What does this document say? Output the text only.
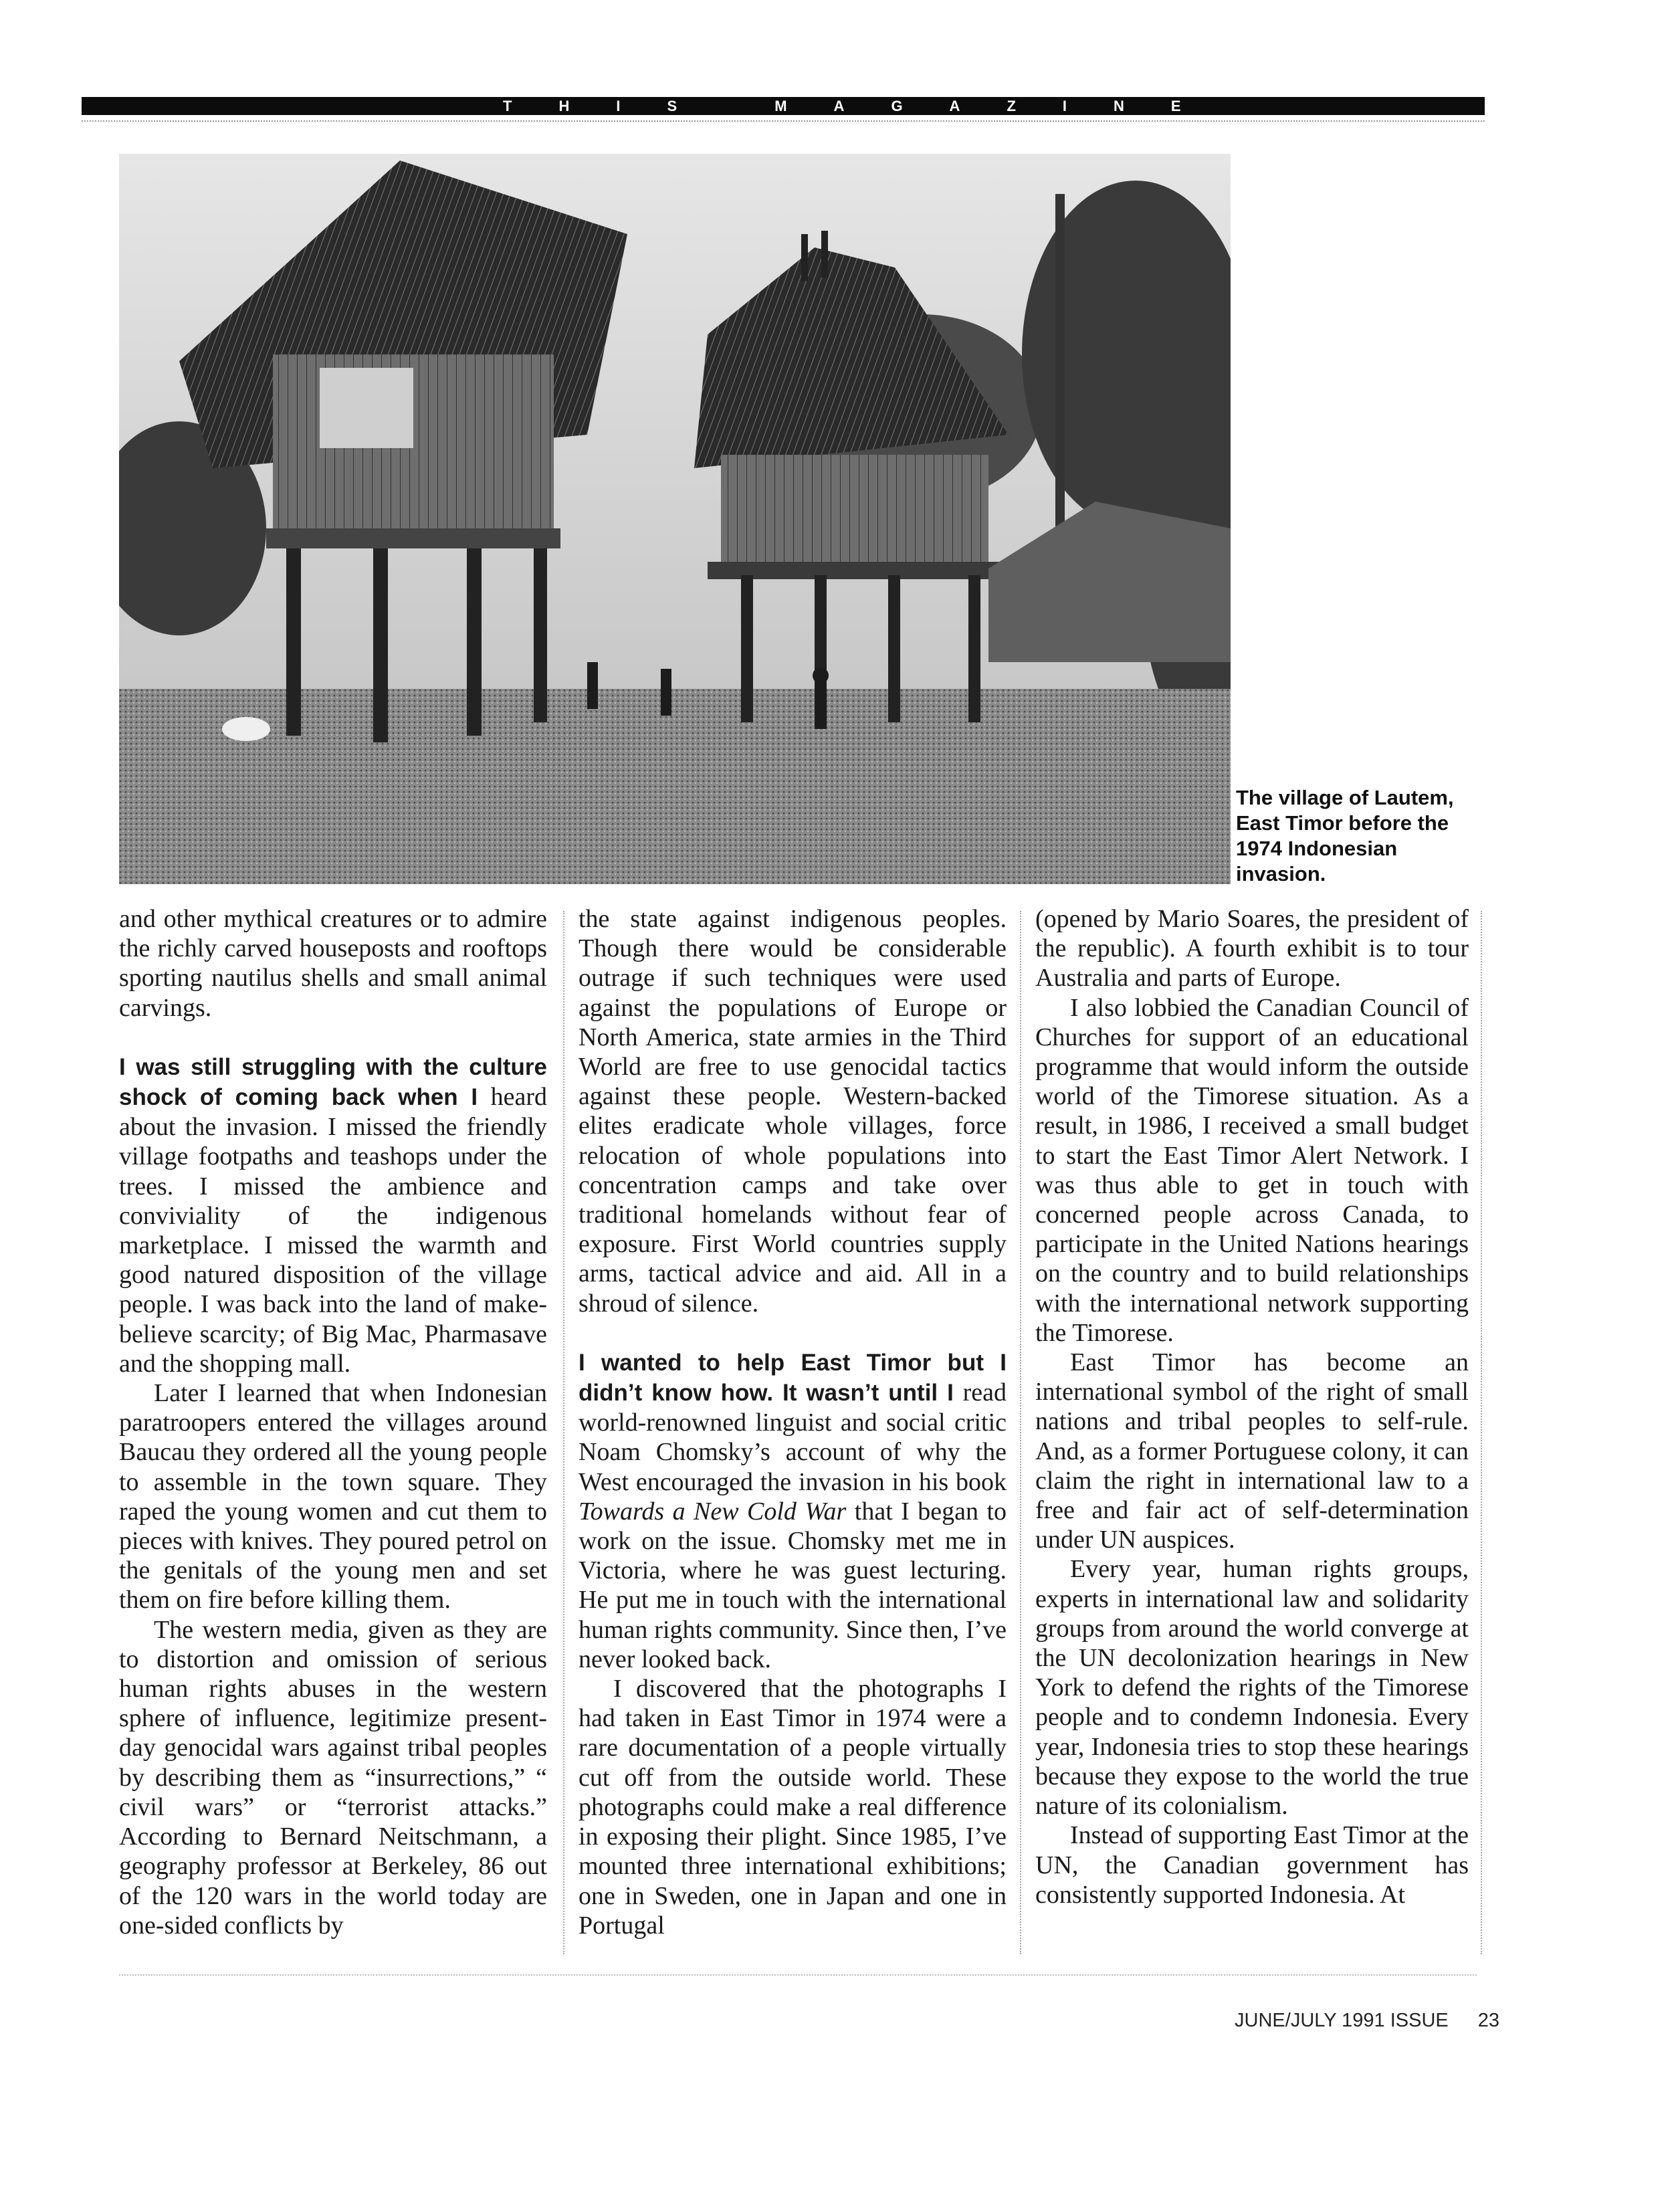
THIS MAGAZINE
The village of Lautem, East Timor before the 1974 Indonesian invasion.

and other mythical creatures or to admire the richly carved houseposts and rooftops sporting nautilus shells and small animal carvings.

I was still struggling with the culture shock of coming back when I heard about the invasion. I missed the friendly village footpaths and teashops under the trees. I missed the ambience and conviviality of the indigenous marketplace. I missed the warmth and good natured disposition of the village people. I was back into the land of make-believe scarcity; of Big Mac, Pharmasave and the shopping mall.

Later I learned that when Indonesian paratroopers entered the villages around Baucau they ordered all the young people to assemble in the town square. They raped the young women and cut them to pieces with knives. They poured petrol on the genitals of the young men and set them on fire before killing them.

The western media, given as they are to distortion and omission of serious human rights abuses in the western sphere of influence, legitimize present-day genocidal wars against tribal peoples by describing them as “insurrections,” “ civil wars” or “terrorist attacks.” According to Bernard Neitschmann, a geography professor at Berkeley, 86 out of the 120 wars in the world today are one-sided conflicts by

the state against indigenous peoples. Though there would be considerable outrage if such techniques were used against the populations of Europe or North America, state armies in the Third World are free to use genocidal tactics against these people. Western-backed elites eradicate whole villages, force relocation of whole populations into concentration camps and take over traditional homelands without fear of exposure. First World countries supply arms, tactical advice and aid. All in a shroud of silence.

I wanted to help East Timor but I didn’t know how. It wasn’t until I read world-renowned linguist and social critic Noam Chomsky’s account of why the West encouraged the invasion in his book Towards a New Cold War that I began to work on the issue. Chomsky met me in Victoria, where he was guest lecturing. He put me in touch with the international human rights community. Since then, I’ve never looked back.

I discovered that the photographs I had taken in East Timor in 1974 were a rare documentation of a people virtually cut off from the outside world. These photographs could make a real difference in exposing their plight. Since 1985, I’ve mounted three international exhibitions; one in Sweden, one in Japan and one in Portugal

(opened by Mario Soares, the president of the republic). A fourth exhibit is to tour Australia and parts of Europe.

I also lobbied the Canadian Council of Churches for support of an educational programme that would inform the outside world of the Timorese situation. As a result, in 1986, I received a small budget to start the East Timor Alert Network. I was thus able to get in touch with concerned people across Canada, to participate in the United Nations hearings on the country and to build relationships with the international network supporting the Timorese.

East Timor has become an international symbol of the right of small nations and tribal peoples to self-rule. And, as a former Portuguese colony, it can claim the right in international law to a free and fair act of self-determination under UN auspices.

Every year, human rights groups, experts in international law and solidarity groups from around the world converge at the UN decolonization hearings in New York to defend the rights of the Timorese people and to condemn Indonesia. Every year, Indonesia tries to stop these hearings because they expose to the world the true nature of its colonialism.

Instead of supporting East Timor at the UN, the Canadian government has consistently supported Indonesia. At

JUNE/JULY 1991 ISSUE 23
